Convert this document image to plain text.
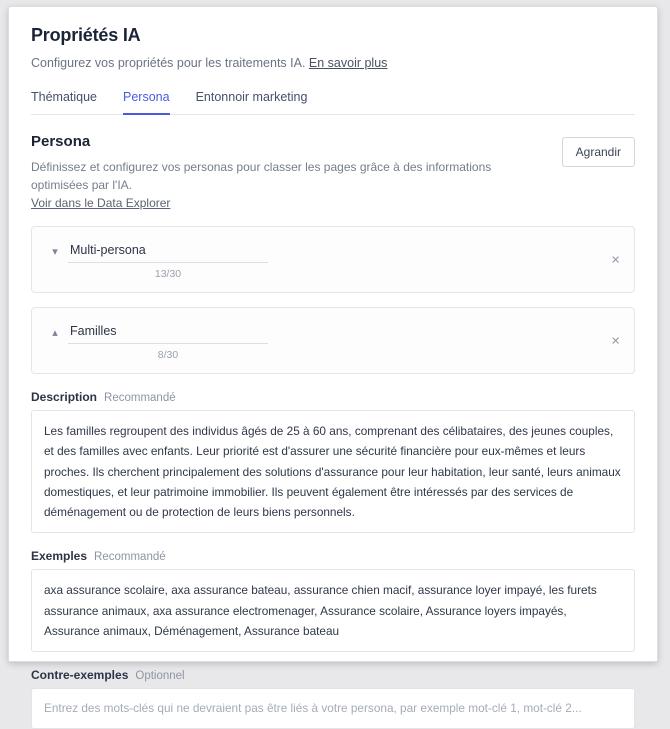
Propriétés IA

Configurez vos propriétés pour les traitements IA. En savoir plus

Thématique Persona Entonnoir marketing
Persona

Définissez et configurez vos personas pour classer les pages grâce à des informations optimisées par l'IA.

Voir dans le Data Explorer
Agrandir
▾
Multi-persona
13/30
×
▴
Familles
8/30
×
Description Recommandé
Les familles regroupent des individus âgés de 25 à 60 ans, comprenant des célibataires, des jeunes couples, et des familles avec enfants. Leur priorité est d'assurer une sécurité financière pour eux-mêmes et leurs proches. Ils cherchent principalement des solutions d'assurance pour leur habitation, leur santé, leurs animaux domestiques, et leur patrimoine immobilier. Ils peuvent également être intéressés par des services de déménagement ou de protection de leurs biens personnels.
Exemples Recommandé
axa assurance scolaire, axa assurance bateau, assurance chien macif, assurance loyer impayé, les furets assurance animaux, axa assurance electromenager, Assurance scolaire, Assurance loyers impayés, Assurance animaux, Déménagement, Assurance bateau
Contre-exemples Optionnel
Entrez des mots-clés qui ne devraient pas être liés à votre persona, par exemple mot-clé 1, mot-clé 2...
